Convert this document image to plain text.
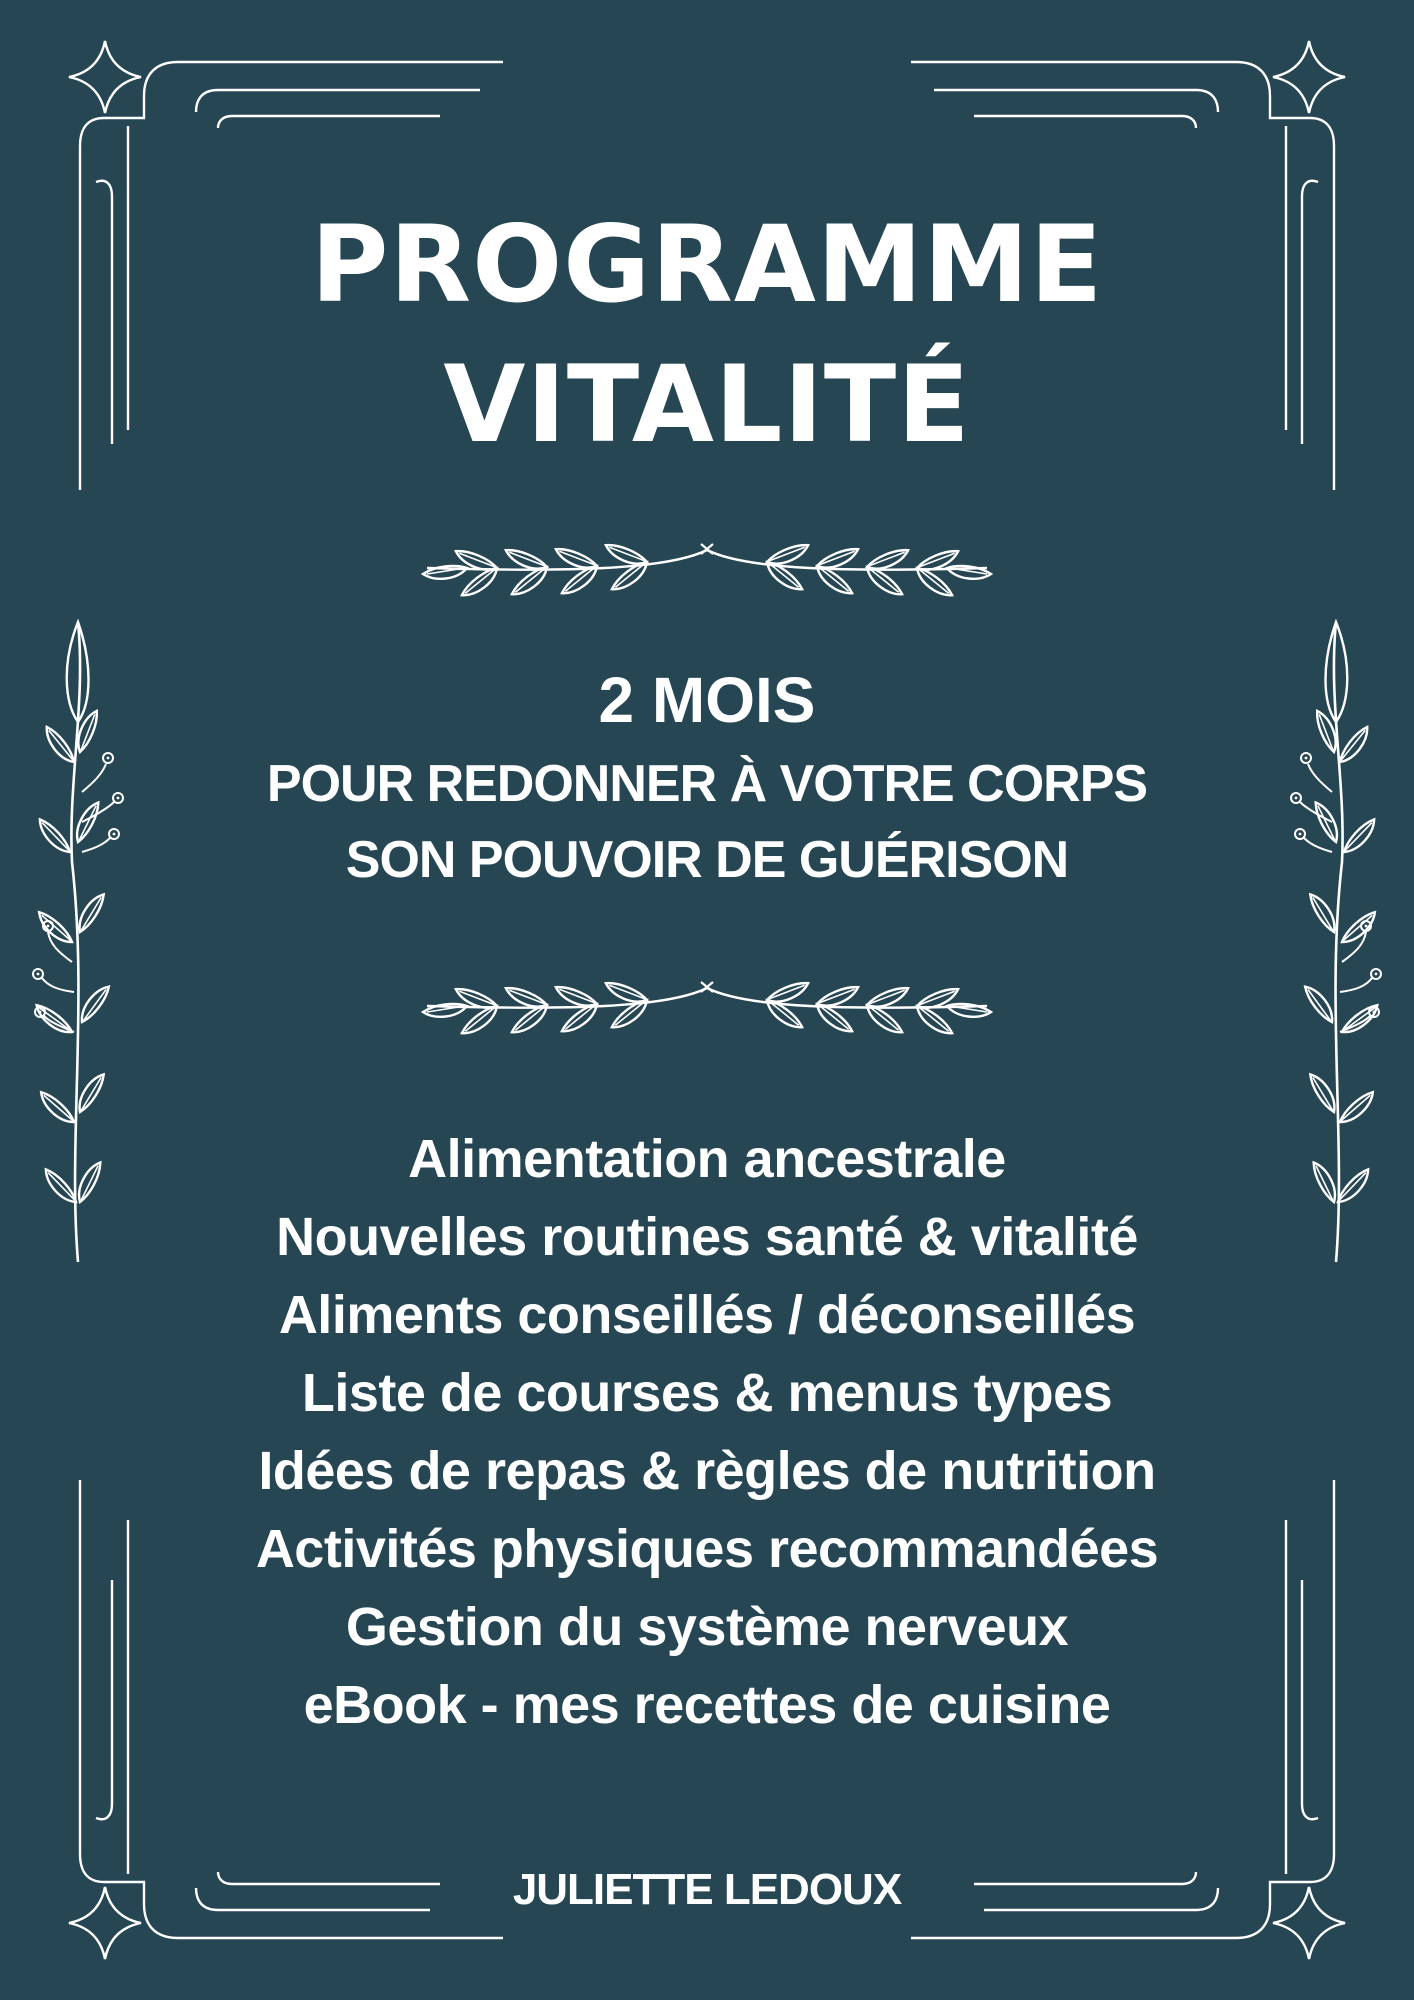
PROGRAMME
VITALITÉ
2 MOIS
POUR REDONNER À VOTRE CORPS
SON POUVOIR DE GUÉRISON
Alimentation ancestrale
Nouvelles routines santé & vitalité
Aliments conseillés / déconseillés
Liste de courses & menus types
Idées de repas & règles de nutrition
Activités physiques recommandées
Gestion du système nerveux
eBook - mes recettes de cuisine
JULIETTE LEDOUX
